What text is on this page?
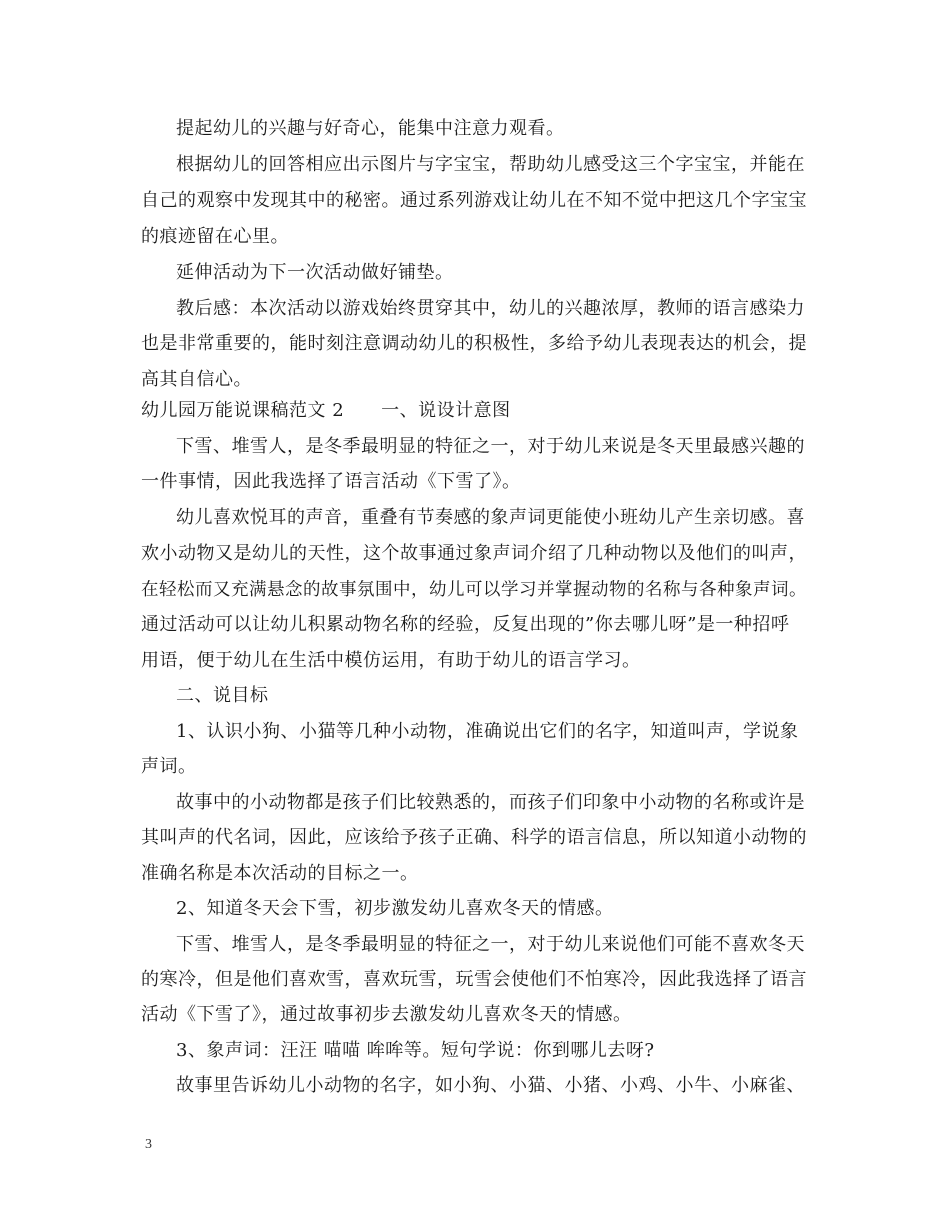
提起幼儿的兴趣与好奇心，能集中注意力观看。
根据幼儿的回答相应出示图片与字宝宝，帮助幼儿感受这三个字宝宝，并能在
自己的观察中发现其中的秘密。通过系列游戏让幼儿在不知不觉中把这几个字宝宝
的痕迹留在心里。
延伸活动为下一次活动做好铺垫。
教后感：本次活动以游戏始终贯穿其中，幼儿的兴趣浓厚，教师的语言感染力
也是非常重要的，能时刻注意调动幼儿的积极性，多给予幼儿表现表达的机会，提
高其自信心。
幼儿园万能说课稿范文 2　　一、说设计意图
下雪、堆雪人，是冬季最明显的特征之一，对于幼儿来说是冬天里最感兴趣的
一件事情，因此我选择了语言活动《下雪了》。
幼儿喜欢悦耳的声音，重叠有节奏感的象声词更能使小班幼儿产生亲切感。喜
欢小动物又是幼儿的天性，这个故事通过象声词介绍了几种动物以及他们的叫声，
在轻松而又充满悬念的故事氛围中，幼儿可以学习并掌握动物的名称与各种象声词。
通过活动可以让幼儿积累动物名称的经验，反复出现的”你去哪儿呀”是一种招呼
用语，便于幼儿在生活中模仿运用，有助于幼儿的语言学习。
二、说目标
1、认识小狗、小猫等几种小动物，准确说出它们的名字，知道叫声，学说象
声词。
故事中的小动物都是孩子们比较熟悉的，而孩子们印象中小动物的名称或许是
其叫声的代名词，因此，应该给予孩子正确、科学的语言信息，所以知道小动物的
准确名称是本次活动的目标之一。
2、知道冬天会下雪，初步激发幼儿喜欢冬天的情感。
下雪、堆雪人，是冬季最明显的特征之一，对于幼儿来说他们可能不喜欢冬天
的寒冷，但是他们喜欢雪，喜欢玩雪，玩雪会使他们不怕寒冷，因此我选择了语言
活动《下雪了》，通过故事初步去激发幼儿喜欢冬天的情感。
3、象声词：汪汪 喵喵 哞哞等。短句学说：你到哪儿去呀?
故事里告诉幼儿小动物的名字，如小狗、小猫、小猪、小鸡、小牛、小麻雀、
3
